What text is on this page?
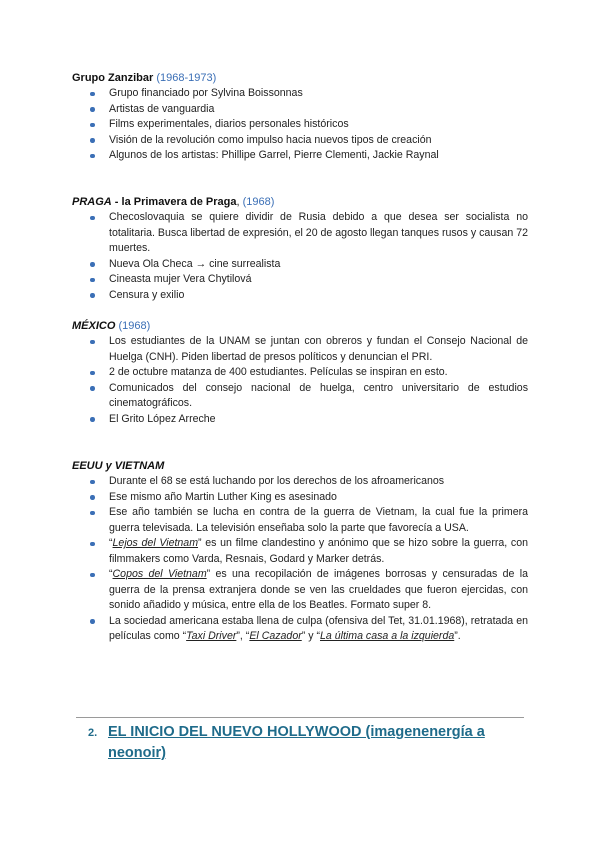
Grupo Zanzibar (1968-1973)
Grupo financiado por Sylvina Boissonnas
Artistas de vanguardia
Films experimentales, diarios personales históricos
Visión de la revolución como impulso hacia nuevos tipos de creación
Algunos de los artistas: Phillipe Garrel, Pierre Clementi, Jackie Raynal
PRAGA - la Primavera de Praga, (1968)
Checoslovaquia se quiere dividir de Rusia debido a que desea ser socialista no totalitaria. Busca libertad de expresión, el 20 de agosto llegan tanques rusos y causan 72 muertes.
Nueva Ola Checa → cine surrealista
Cineasta mujer Vera Chytilová
Censura y exilio
MÉXICO (1968)
Los estudiantes de la UNAM se juntan con obreros y fundan el Consejo Nacional de Huelga (CNH). Piden libertad de presos políticos y denuncian el PRI.
2 de octubre matanza de 400 estudiantes. Películas se inspiran en esto.
Comunicados del consejo nacional de huelga, centro universitario de estudios cinematográficos.
El Grito López Arreche
EEUU y VIETNAM
Durante el 68 se está luchando por los derechos de los afroamericanos
Ese mismo año Martin Luther King es asesinado
Ese año también se lucha en contra de la guerra de Vietnam, la cual fue la primera guerra televisada. La televisión enseñaba solo la parte que favorecía a USA.
“Lejos del Vietnam” es un filme clandestino y anónimo que se hizo sobre la guerra, con filmmakers como Varda, Resnais, Godard y Marker detrás.
“Copos del Vietnam” es una recopilación de imágenes borrosas y censuradas de la guerra de la prensa extranjera donde se ven las crueldades que fueron ejercidas, con sonido añadido y música, entre ella de los Beatles. Formato super 8.
La sociedad americana estaba llena de culpa (ofensiva del Tet, 31.01.1968), retratada en películas como “Taxi Driver”, “El Cazador” y “La última casa a la izquierda”.
2. EL INICIO DEL NUEVO HOLLYWOOD (imagenenergía a neonoir)
